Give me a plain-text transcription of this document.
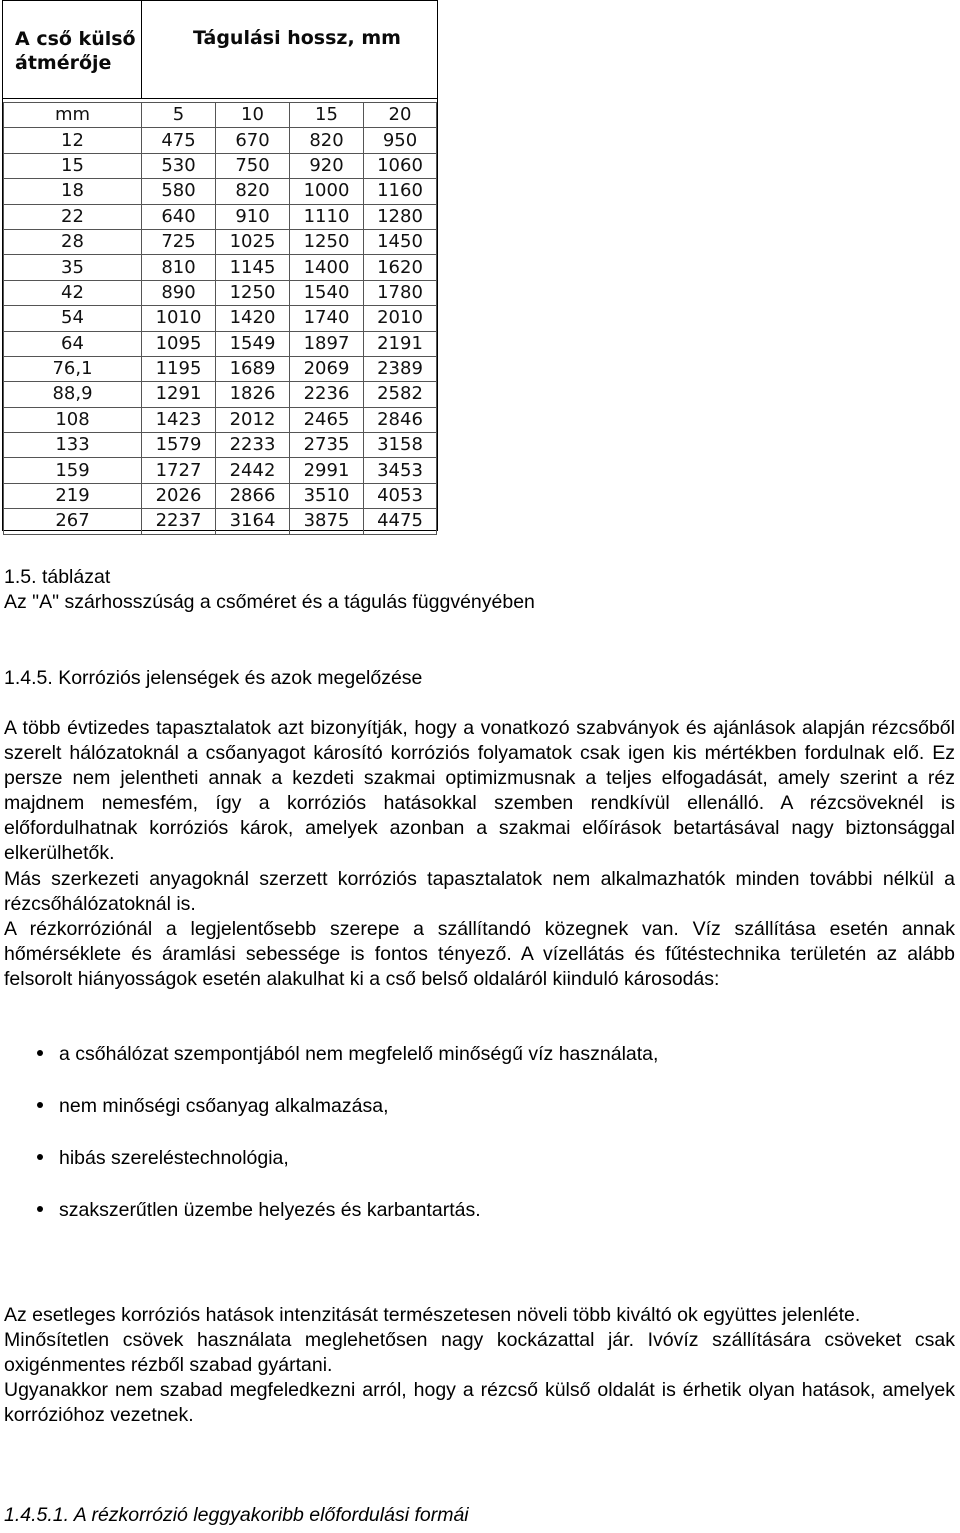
A cső külső átmérője
Tágulási hossz, mm
mm	5	10	15	20
12	475	670	820	950
15	530	750	920	1060
18	580	820	1000	1160
22	640	910	1110	1280
28	725	1025	1250	1450
35	810	1145	1400	1620
42	890	1250	1540	1780
54	1010	1420	1740	2010
64	1095	1549	1897	2191
76,1	1195	1689	2069	2389
88,9	1291	1826	2236	2582
108	1423	2012	2465	2846
133	1579	2233	2735	3158
159	1727	2442	2991	3453
219	2026	2866	3510	4053
267	2237	3164	3875	4475
1.5. táblázat
Az "A" szárhosszúság a csőméret és a tágulás függvényében
1.4.5. Korróziós jelenségek és azok megelőzése
A több évtizedes tapasztalatok azt bizonyítják, hogy a vonatkozó szabványok és ajánlások alapján rézcsőből szerelt hálózatoknál a csőanyagot károsító korróziós folyamatok csak igen kis mértékben fordulnak elő. Ez persze nem jelentheti annak a kezdeti szakmai optimizmusnak a teljes elfogadását, amely szerint a réz majdnem nemesfém, így a korróziós hatásokkal szemben rendkívül ellenálló. A rézcsöveknél is előfordulhatnak korróziós károk, amelyek azonban a szakmai előírások betartásával nagy biztonsággal elkerülhetők.
Más szerkezeti anyagoknál szerzett korróziós tapasztalatok nem alkalmazhatók minden további nélkül a rézcsőhálózatoknál is.
A rézkorróziónál a legjelentősebb szerepe a szállítandó közegnek van. Víz szállítása esetén annak hőmérséklete és áramlási sebessége is fontos tényező. A vízellátás és fűtéstechnika területén az alább felsorolt hiányosságok esetén alakulhat ki a cső belső oldaláról kiinduló károsodás:
a csőhálózat szempontjából nem megfelelő minőségű víz használata,
nem minőségi csőanyag alkalmazása,
hibás szereléstechnológia,
szakszerűtlen üzembe helyezés és karbantartás.
Az esetleges korróziós hatások intenzitását természetesen növeli több kiváltó ok együttes jelenléte.
Minősítetlen csövek használata meglehetősen nagy kockázattal jár. Ivóvíz szállítására csöveket csak oxigénmentes rézből szabad gyártani.
Ugyanakkor nem szabad megfeledkezni arról, hogy a rézcső külső oldalát is érhetik olyan hatások, amelyek korrózióhoz vezetnek.
1.4.5.1. A rézkorrózió leggyakoribb előfordulási formái
